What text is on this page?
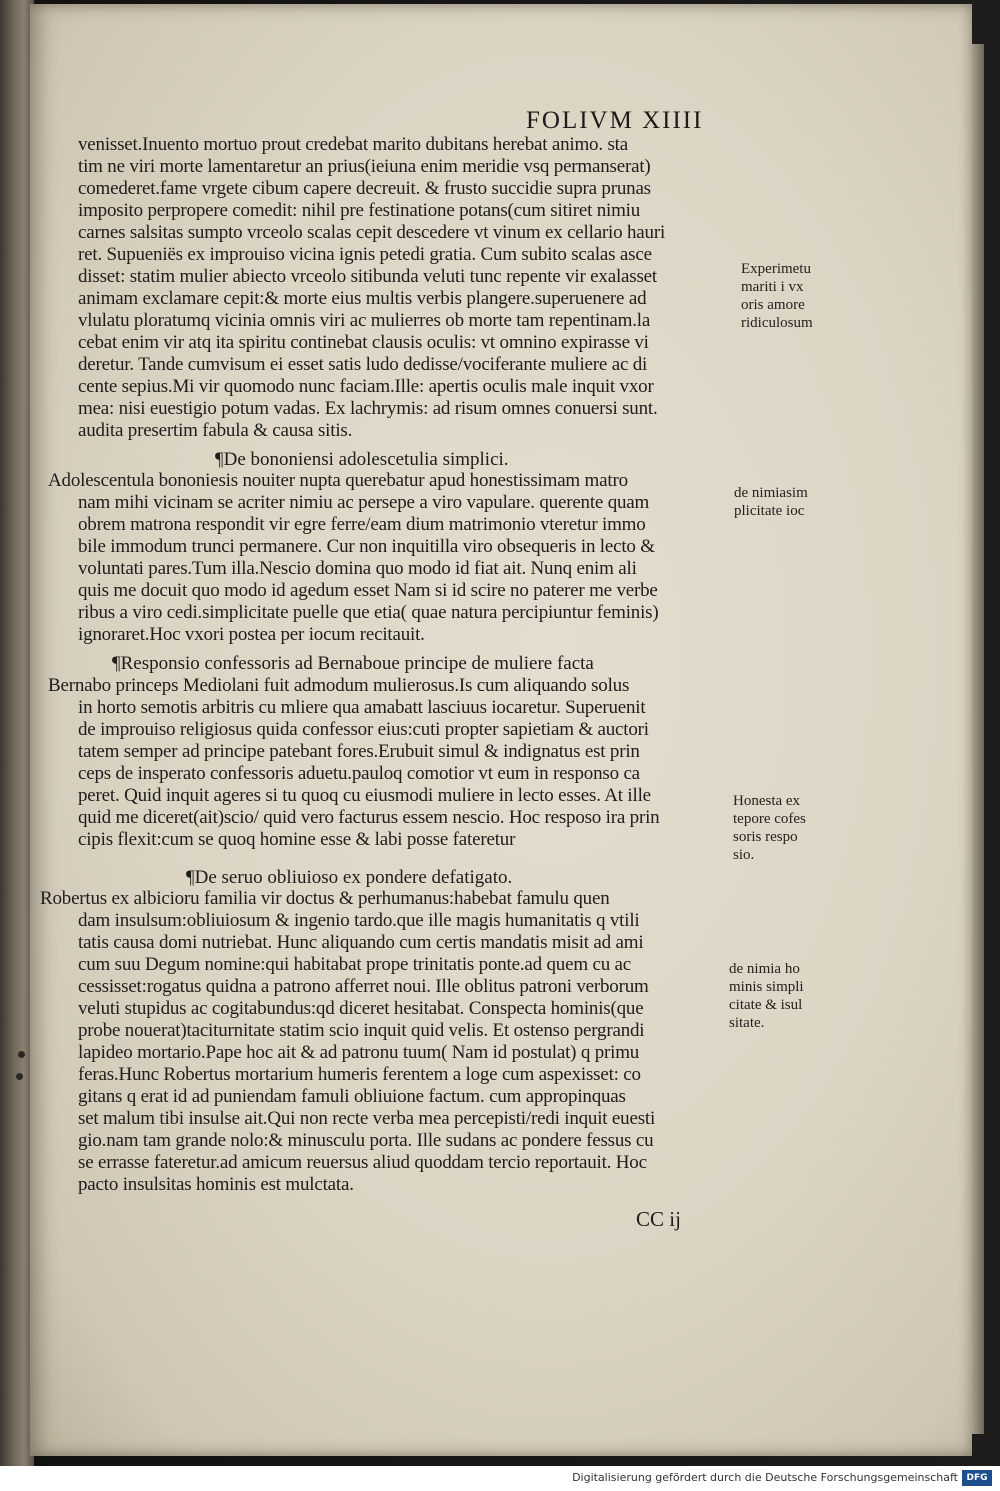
FOLIVM XIIII
venisset.Inuento mortuo prout credebat marito dubitans herebat animo. sta
tim ne viri morte lamentaretur an prius(ieiuna enim meridie vsq permanserat)
comederet.fame vrgete cibum capere decreuit. & frusto succidie supra prunas
imposito perpropere comedit: nihil pre festinatione potans(cum sitiret nimiu
carnes salsitas sumpto vrceolo scalas cepit descedere vt vinum ex cellario hauri
ret. Supueniës ex improuiso vicina ignis petedi gratia. Cum subito scalas asce
disset: statim mulier abiecto vrceolo sitibunda veluti tunc repente vir exalasset
animam exclamare cepit:& morte eius multis verbis plangere.superuenere ad
vlulatu ploratumq vicinia omnis viri ac mulierres ob morte tam repentinam.la
cebat enim vir atq ita spiritu continebat clausis oculis: vt omnino expirasse vi
deretur. Tande cumvisum ei esset satis ludo dedisse/vociferante muliere ac di
cente sepius.Mi vir quomodo nunc faciam.Ille: apertis oculis male inquit vxor
mea: nisi euestigio potum vadas. Ex lachrymis: ad risum omnes conuersi sunt.
audita presertim fabula & causa sitis.
¶De bononiensi adolescetulia simplici.
Adolescentula bononiesis nouiter nupta querebatur apud honestissimam matro
nam mihi vicinam se acriter nimiu ac persepe a viro vapulare. querente quam
obrem matrona respondit vir egre ferre/eam dium matrimonio vteretur immo
bile immodum trunci permanere. Cur non inquitilla viro obsequeris in lecto &
voluntati pares.Tum illa.Nescio domina quo modo id fiat ait. Nunq enim ali
quis me docuit quo modo id agedum esset Nam si id scire no paterer me verbe
ribus a viro cedi.simplicitate puelle que etia( quae natura percipiuntur feminis)
ignoraret.Hoc vxori postea per iocum recitauit.
¶Responsio confessoris ad Bernaboue principe de muliere facta
Bernabo princeps Mediolani fuit admodum mulierosus.Is cum aliquando solus
in horto semotis arbitris cu mliere qua amabatt lasciuus iocaretur. Superuenit
de improuiso religiosus quida confessor eius:cuti propter sapietiam & auctori
tatem semper ad principe patebant fores.Erubuit simul & indignatus est prin
ceps de insperato confessoris aduetu.pauloq comotior vt eum in responso ca
peret. Quid inquit ageres si tu quoq cu eiusmodi muliere in lecto esses. At ille
quid me diceret(ait)scio/ quid vero facturus essem nescio. Hoc resposo ira prin
cipis flexit:cum se quoq homine esse & labi posse fateretur
¶De seruo obliuioso ex pondere defatigato.
Robertus ex albicioru familia vir doctus & perhumanus:habebat famulu quen
dam insulsum:obliuiosum & ingenio tardo.que ille magis humanitatis q vtili
tatis causa domi nutriebat. Hunc aliquando cum certis mandatis misit ad ami
cum suu Degum nomine:qui habitabat prope trinitatis ponte.ad quem cu ac
cessisset:rogatus quidna a patrono afferret noui. Ille oblitus patroni verborum
veluti stupidus ac cogitabundus:qd diceret hesitabat. Conspecta hominis(que
probe nouerat)taciturnitate statim scio inquit quid velis. Et ostenso pergrandi
lapideo mortario.Pape hoc ait & ad patronu tuum( Nam id postulat) q primu
feras.Hunc Robertus mortarium humeris ferentem a loge cum aspexisset: co
gitans q erat id ad puniendam famuli obliuione factum. cum appropinquas
set malum tibi insulse ait.Qui non recte verba mea percepisti/redi inquit euesti
gio.nam tam grande nolo:& minusculu porta. Ille sudans ac pondere fessus cu
se errasse fateretur.ad amicum reuersus aliud quoddam tercio reportauit. Hoc
pacto insulsitas hominis est mulctata.
Experimetu
mariti i vx
oris amore
ridiculosum
de nimiasim
plicitate ioc
Honesta ex
tepore cofes
soris respo
sio.
de nimia ho
minis simpli
citate & isul
sitate.
CC ij
Digitalisierung gefördert durch die Deutsche Forschungsgemeinschaft DFG
